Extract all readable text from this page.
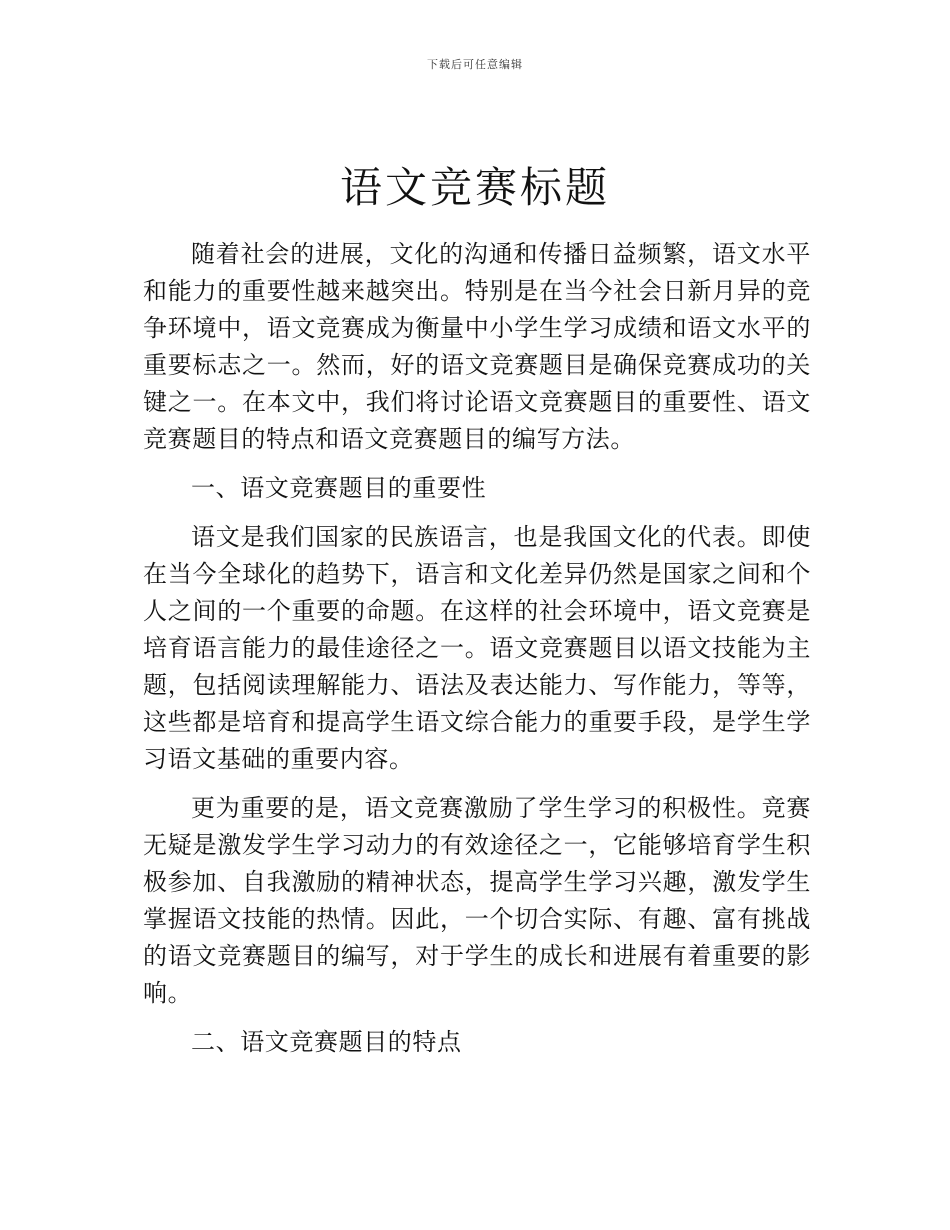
下载后可任意编辑
语文竞赛标题

随着社会的进展，文化的沟通和传播日益频繁，语文水平和能力的重要性越来越突出。特别是在当今社会日新月异的竞争环境中，语文竞赛成为衡量中小学生学习成绩和语文水平的重要标志之一。然而，好的语文竞赛题目是确保竞赛成功的关键之一。在本文中，我们将讨论语文竞赛题目的重要性、语文竞赛题目的特点和语文竞赛题目的编写方法。

一、语文竞赛题目的重要性

语文是我们国家的民族语言，也是我国文化的代表。即使在当今全球化的趋势下，语言和文化差异仍然是国家之间和个人之间的一个重要的命题。在这样的社会环境中，语文竞赛是培育语言能力的最佳途径之一。语文竞赛题目以语文技能为主题，包括阅读理解能力、语法及表达能力、写作能力，等等，这些都是培育和提高学生语文综合能力的重要手段，是学生学习语文基础的重要内容。

更为重要的是，语文竞赛激励了学生学习的积极性。竞赛无疑是激发学生学习动力的有效途径之一，它能够培育学生积极参加、自我激励的精神状态，提高学生学习兴趣，激发学生掌握语文技能的热情。因此，一个切合实际、有趣、富有挑战的语文竞赛题目的编写，对于学生的成长和进展有着重要的影响。

二、语文竞赛题目的特点
